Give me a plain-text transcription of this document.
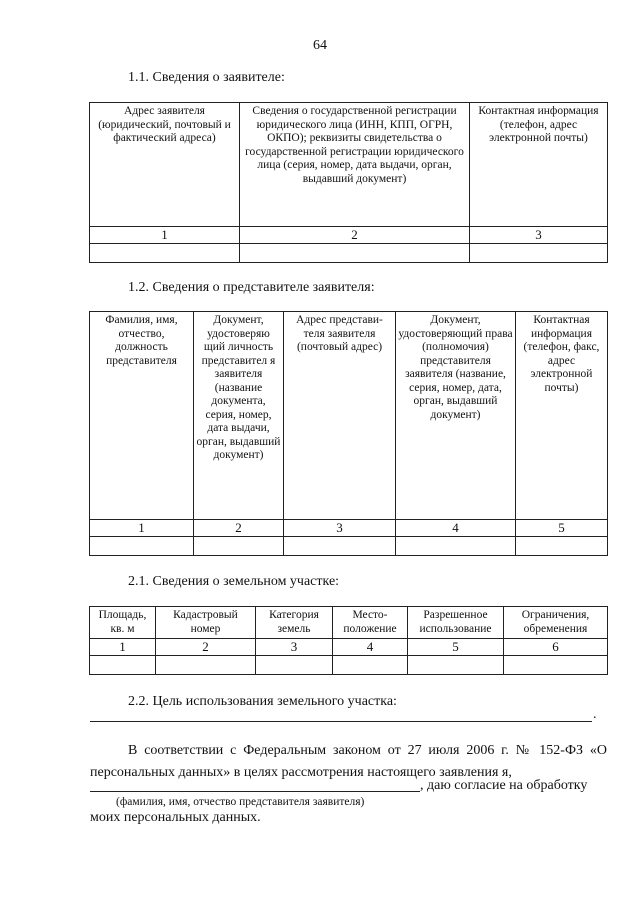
64
1.1. Сведения о заявителе:
Адрес заявителя (юридический, почтовый и фактический адреса)	Сведения о государственной регистрации юридического лица (ИНН, КПП, ОГРН, ОКПО); реквизиты свидетельства о государственной регистрации юридического лица (серия, номер, дата выдачи, орган, выдавший документ)	Контактная информация (телефон, адрес электронной почты)
1	2	3

1.2. Сведения о представителе заявителя:
Фамилия, имя, отчество, должность представителя	Документ, удостоверяю щий личность представител я заявителя (название документа, серия, номер, дата выдачи, орган, выдавший документ)	Адрес представи- теля заявителя (почтовый адрес)	Документ, удостоверяющий права (полномочия) представителя заявителя (название, серия, номер, дата, орган, выдавший документ)	Контактная информация (телефон, факс, адрес электронной почты)
1	2	3	4	5

2.1. Сведения о земельном участке:
Площадь, кв. м	Кадастровый номер	Категория земель	Место- положение	Разрешенное использование	Ограничения, обременения
1	2	3	4	5	6

2.2. Цель использования земельного участка:
.
В соответствии с Федеральным законом от 27 июля 2006 г. № 152-ФЗ «О персональных данных» в целях рассмотрения настоящего заявления я,
, даю согласие на обработку
(фамилия, имя, отчество представителя заявителя)
моих персональных данных.
